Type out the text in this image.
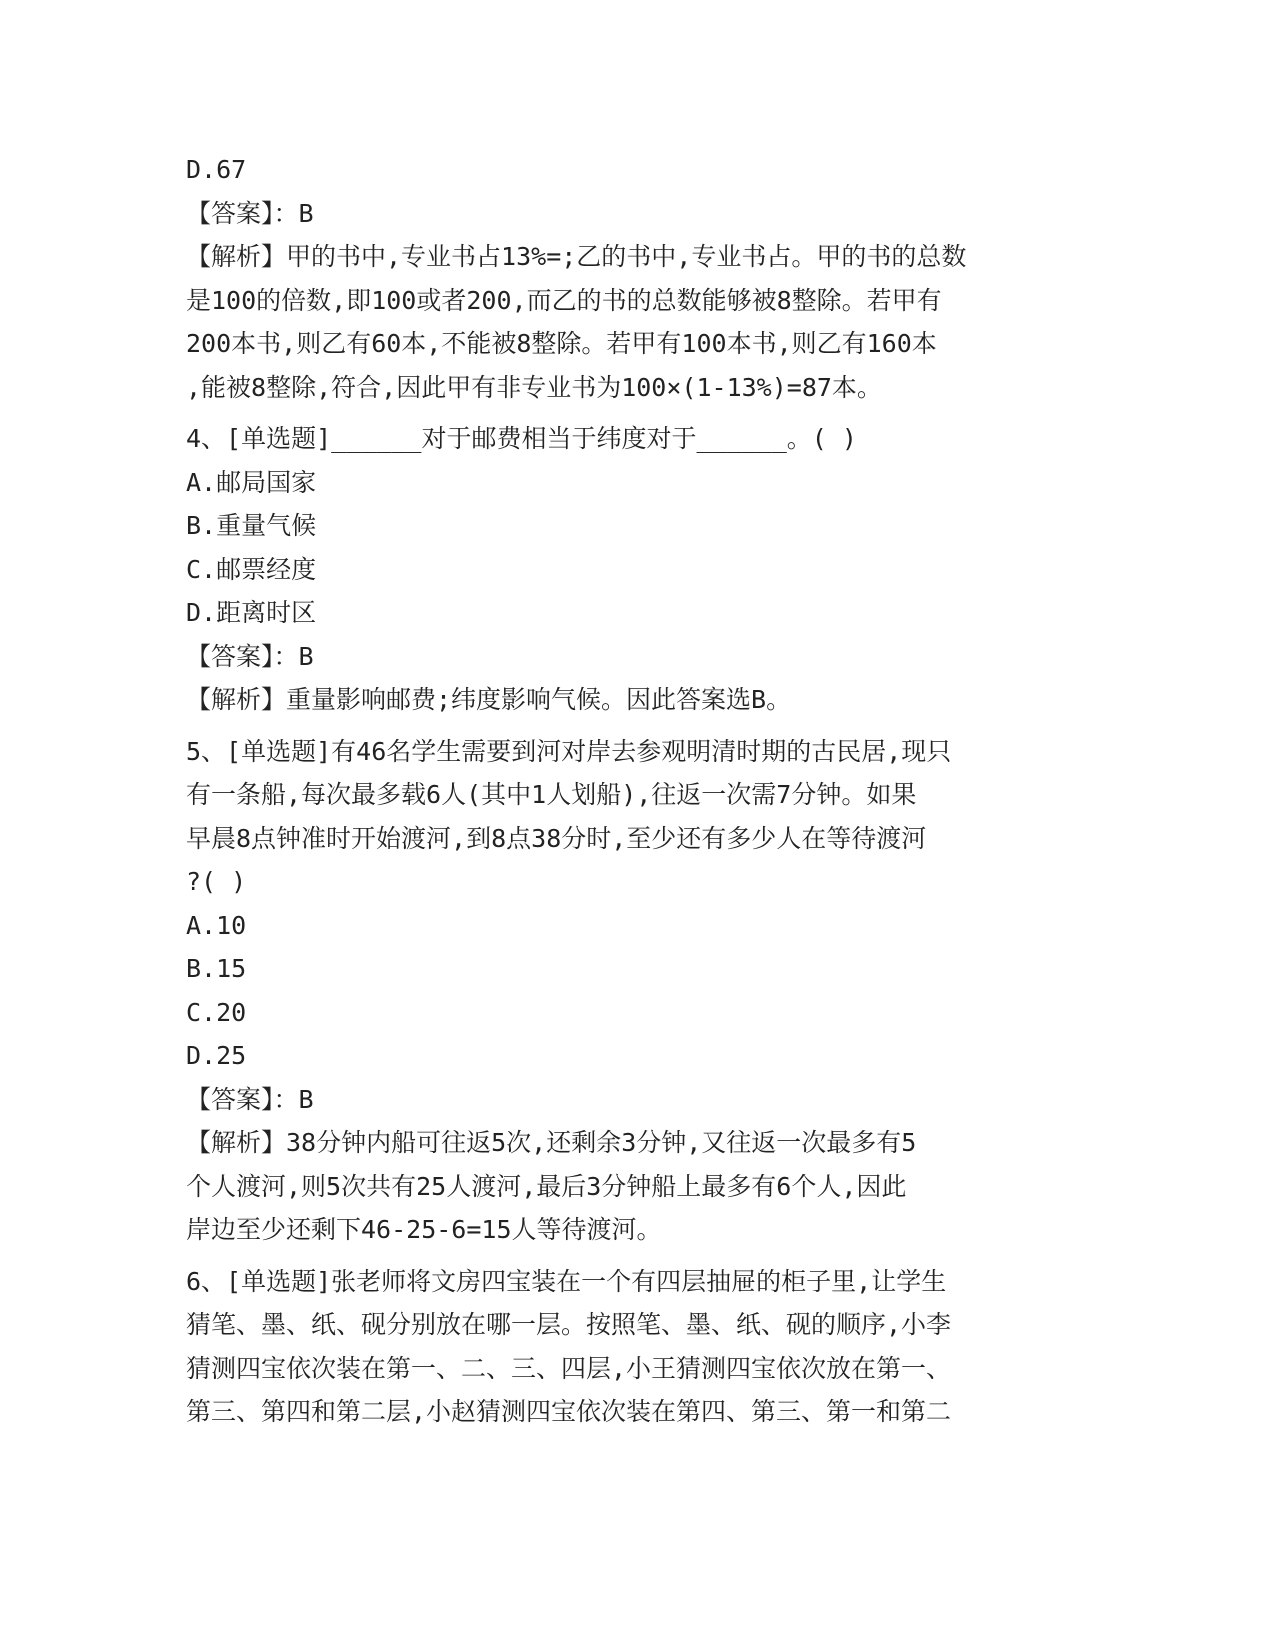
D.67
【答案】：B
【解析】甲的书中,专业书占13%=;乙的书中,专业书占。甲的书的总数
是100的倍数,即100或者200,而乙的书的总数能够被8整除。若甲有
200本书,则乙有60本,不能被8整除。若甲有100本书,则乙有160本
,能被8整除,符合,因此甲有非专业书为100×(1-13%)=87本。
4、[单选题]______对于邮费相当于纬度对于______。( )
A.邮局国家
B.重量气候
C.邮票经度
D.距离时区
【答案】：B
【解析】重量影响邮费;纬度影响气候。因此答案选B。
5、[单选题]有46名学生需要到河对岸去参观明清时期的古民居,现只
有一条船,每次最多载6人(其中1人划船),往返一次需7分钟。如果
早晨8点钟准时开始渡河,到8点38分时,至少还有多少人在等待渡河
?( )
A.10
B.15
C.20
D.25
【答案】：B
【解析】38分钟内船可往返5次,还剩余3分钟,又往返一次最多有5
个人渡河,则5次共有25人渡河,最后3分钟船上最多有6个人,因此
岸边至少还剩下46-25-6=15人等待渡河。
6、[单选题]张老师将文房四宝装在一个有四层抽屉的柜子里,让学生
猜笔、墨、纸、砚分别放在哪一层。按照笔、墨、纸、砚的顺序,小李
猜测四宝依次装在第一、二、三、四层,小王猜测四宝依次放在第一、
第三、第四和第二层,小赵猜测四宝依次装在第四、第三、第一和第二
